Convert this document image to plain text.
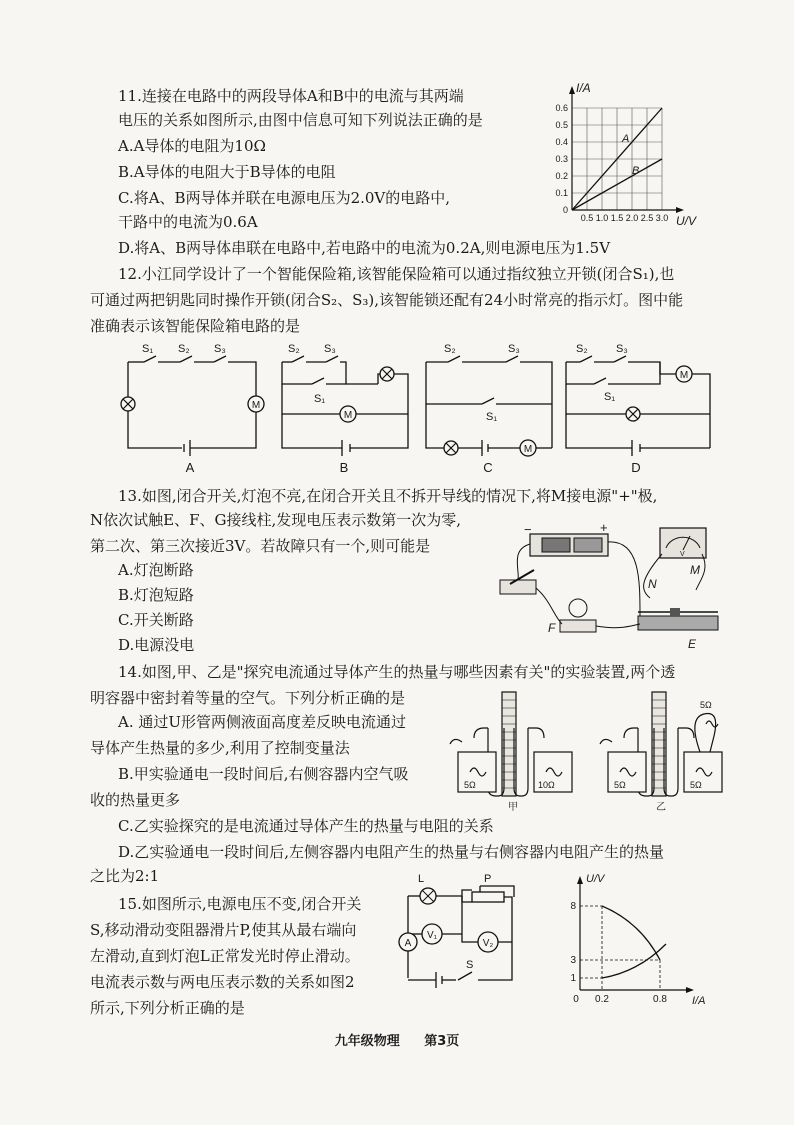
11.连接在电路中的两段导体A和B中的电流与其两端
电压的关系如图所示,由图中信息可知下列说法正确的是
A.A导体的电阻为10Ω
B.A导体的电阻大于B导体的电阻
C.将A、B两导体并联在电源电压为2.0V的电路中,
干路中的电流为0.6A
D.将A、B两导体串联在电路中,若电路中的电流为0.2A,则电源电压为1.5V
I/A
U/V
A
B
0.6
0.5
0.4
0.3
0.2
0.1
0
0.5 1.0 1.5 2.0 2.5 3.0
12.小江同学设计了一个智能保险箱,该智能保险箱可以通过指纹独立开锁(闭合S₁),也
可通过两把钥匙同时操作开锁(闭合S₂、S₃),该智能锁还配有24小时常亮的指示灯。图中能
准确表示该智能保险箱电路的是
M
M
M
M
S₁ S₂ S₃	S₂ S₃
S₁
S₂	S₃
S₁
S₂	S₃
S₁
A	B	C	D
13.如图,闭合开关,灯泡不亮,在闭合开关且不拆开导线的情况下,将M接电源"+"极,
N依次试触E、F、G接线柱,发现电压表示数第一次为零,
第二次、第三次接近3V。若故障只有一个,则可能是
A.灯泡断路
B.灯泡短路
C.开关断路
D.电源没电
−	+
V
N
M
F
E
14.如图,甲、乙是"探究电流通过导体产生的热量与哪些因素有关"的实验装置,两个透
明容器中密封着等量的空气。下列分析正确的是
A. 通过U形管两侧液面高度差反映电流通过
导体产生热量的多少,利用了控制变量法
B.甲实验通电一段时间后,右侧容器内空气吸
收的热量更多
C.乙实验探究的是电流通过导体产生的热量与电阻的关系
D.乙实验通电一段时间后,左侧容器内电阻产生的热量与右侧容器内电阻产生的热量
之比为2:1
5Ω	10Ω
甲
5Ω
5Ω	5Ω
乙
15.如图所示,电源电压不变,闭合开关
S,移动滑动变阻器滑片P,使其从最右端向
左滑动,直到灯泡L正常发光时停止滑动。
电流表示数与两电压表示数的关系如图2
所示,下列分析正确的是
V₁
V₂
A
L	P
S
U/V
I/A
8
3
1
0 0.2	0.8
九年级物理 第3页
